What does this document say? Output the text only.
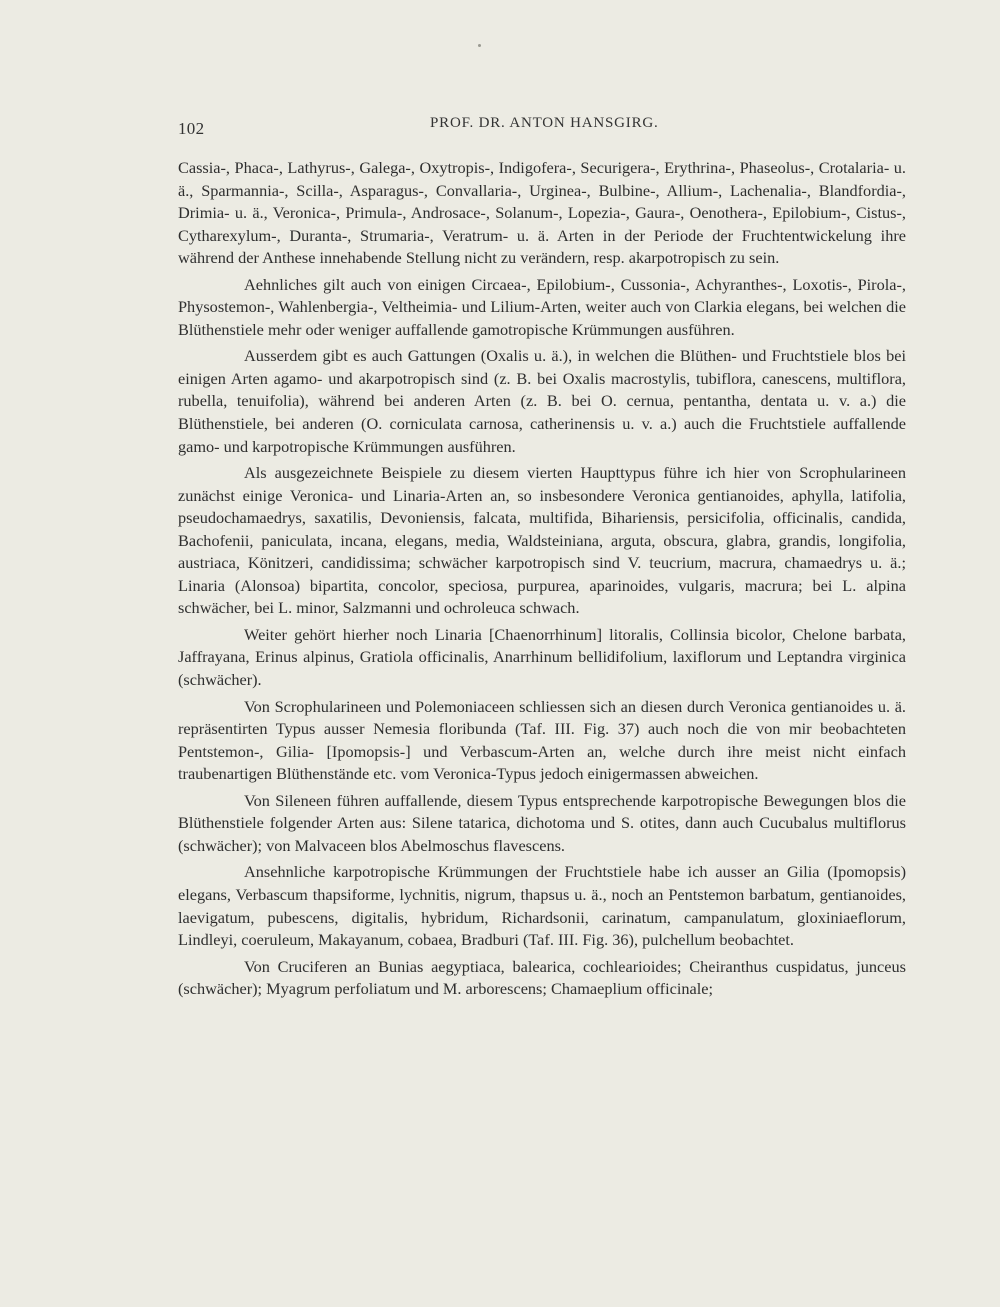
102	PROF. DR. ANTON HANSGIRG.

Cassia-, Phaca-, Lathyrus-, Galega-, Oxytropis-, Indigofera-, Securigera-, Erythrina-, Phaseolus-, Crotalaria- u. ä., Sparmannia-, Scilla-, Asparagus-, Convallaria-, Urginea-, Bulbine-, Allium-, Lachenalia-, Blandfordia-, Drimia- u. ä., Veronica-, Primula-, Androsace-, Solanum-, Lopezia-, Gaura-, Oenothera-, Epilobium-, Cistus-, Cytharexylum-, Duranta-, Strumaria-, Veratrum- u. ä. Arten in der Periode der Fruchtentwickelung ihre während der Anthese innehabende Stellung nicht zu verändern, resp. akarpotropisch zu sein.

Aehnliches gilt auch von einigen Circaea-, Epilobium-, Cussonia-, Achyranthes-, Loxotis-, Pirola-, Physostemon-, Wahlenbergia-, Veltheimia- und Lilium-Arten, weiter auch von Clarkia elegans, bei welchen die Blüthenstiele mehr oder weniger auffallende gamotropische Krümmungen ausführen.

Ausserdem gibt es auch Gattungen (Oxalis u. ä.), in welchen die Blüthen- und Fruchtstiele blos bei einigen Arten agamo- und akarpotropisch sind (z. B. bei Oxalis macrostylis, tubiflora, canescens, multiflora, rubella, tenuifolia), während bei anderen Arten (z. B. bei O. cernua, pentantha, dentata u. v. a.) die Blüthenstiele, bei anderen (O. corniculata carnosa, catherinensis u. v. a.) auch die Fruchtstiele auffallende gamo- und karpotropische Krümmungen ausführen.

Als ausgezeichnete Beispiele zu diesem vierten Haupttypus führe ich hier von Scrophularineen zunächst einige Veronica- und Linaria-Arten an, so insbesondere Veronica gentianoides, aphylla, latifolia, pseudochamaedrys, saxatilis, Devoniensis, falcata, multifida, Bihariensis, persicifolia, officinalis, candida, Bachofenii, paniculata, incana, elegans, media, Waldsteiniana, arguta, obscura, glabra, grandis, longifolia, austriaca, Könitzeri, candidissima; schwächer karpotropisch sind V. teucrium, macrura, chamaedrys u. ä.; Linaria (Alonsoa) bipartita, concolor, speciosa, purpurea, aparinoides, vulgaris, macrura; bei L. alpina schwächer, bei L. minor, Salzmanni und ochroleuca schwach.

Weiter gehört hierher noch Linaria [Chaenorrhinum] litoralis, Collinsia bicolor, Chelone barbata, Jaffrayana, Erinus alpinus, Gratiola officinalis, Anarrhinum bellidifolium, laxiflorum und Leptandra virginica (schwächer).

Von Scrophularineen und Polemoniaceen schliessen sich an diesen durch Veronica gentianoides u. ä. repräsentirten Typus ausser Nemesia floribunda (Taf. III. Fig. 37) auch noch die von mir beobachteten Pentstemon-, Gilia- [Ipomopsis-] und Verbascum-Arten an, welche durch ihre meist nicht einfach traubenartigen Blüthenstände etc. vom Veronica-Typus jedoch einigermassen abweichen.

Von Sileneen führen auffallende, diesem Typus entsprechende karpotropische Bewegungen blos die Blüthenstiele folgender Arten aus: Silene tatarica, dichotoma und S. otites, dann auch Cucubalus multiflorus (schwächer); von Malvaceen blos Abelmoschus flavescens.

Ansehnliche karpotropische Krümmungen der Fruchtstiele habe ich ausser an Gilia (Ipomopsis) elegans, Verbascum thapsiforme, lychnitis, nigrum, thapsus u. ä., noch an Pentstemon barbatum, gentianoides, laevigatum, pubescens, digitalis, hybridum, Richardsonii, carinatum, campanulatum, gloxiniaeflorum, Lindleyi, coeruleum, Makayanum, cobaea, Bradburi (Taf. III. Fig. 36), pulchellum beobachtet.

Von Cruciferen an Bunias aegyptiaca, balearica, cochlearioides; Cheiranthus cuspidatus, junceus (schwächer); Myagrum perfoliatum und M. arborescens; Chamaeplium officinale;
